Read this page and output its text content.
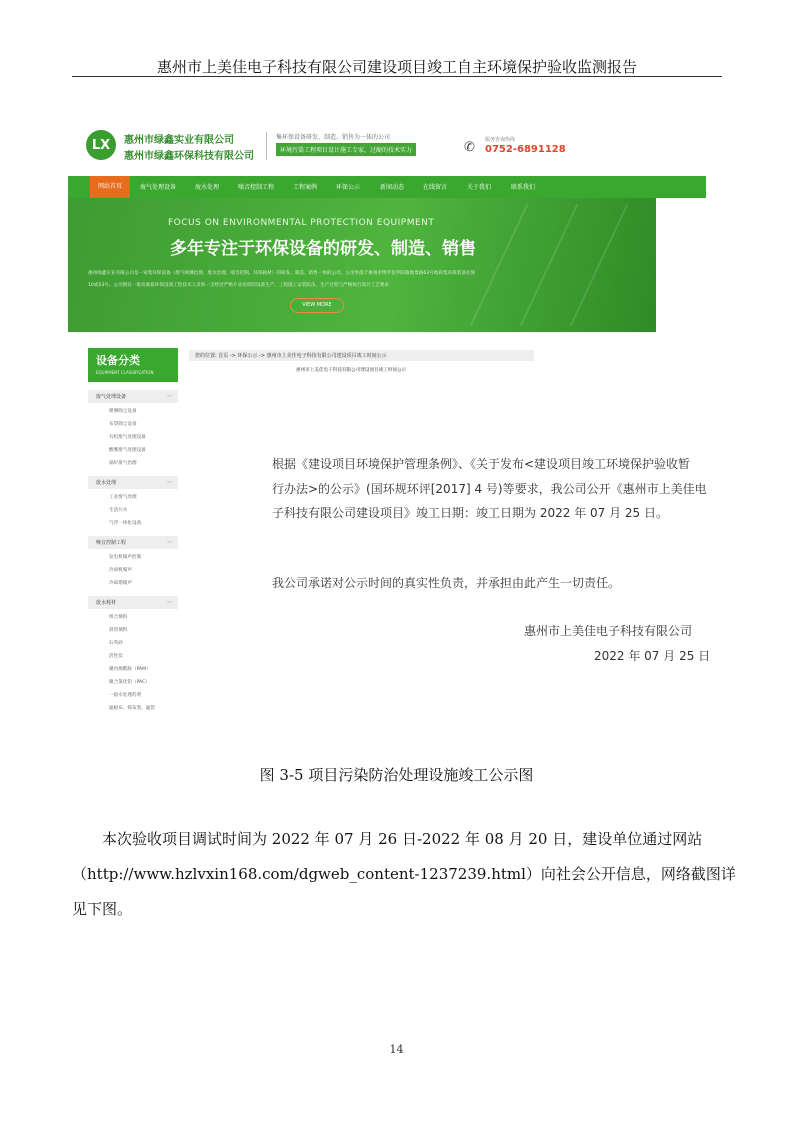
惠州市上美佳电子科技有限公司建设项目竣工自主环境保护验收监测报告
LX	惠州市绿鑫实业有限公司
惠州市绿鑫环保科技有限公司
集环保设备研发、制造、销售为一体的公司
环境污染工程项目设计施工专家，过硬的技术实力	✆ 服务咨询热线
0752-6891128
网站首页	废气处理设备	废水处理	噪音控制工程	工程案例	环保公示	新闻动态	在线留言	关于我们	联系我们
FOCUS ON ENVIRONMENTAL PROTECTION EQUIPMENT
多年专注于环保设备的研发、制造、销售
惠州绿鑫实业有限公司是一家集环保设备（废气喷淋治理、废水治理、噪音控制、环保耗材）的研发、制造、销售一体的公司。公司坐落于惠州市博罗县罗阳镇地景路63号地段集环保装备往领
10或53号。公司拥有一批高素质环保设备工程技术人员和一支经过严格专业培训的设备生产、工程施工安装队伍，生产过程与严格执行设计工艺要求
VIEW MORE
设备分类
EQUIPMENT CLASSIFICATION
废气处理设备	›››
喷淋除尘设备
布袋除尘设备
有机废气处理设备
酸雾废气处理设备
锅炉废气治理
废水处理	›››
工业废气处理
生活污水
气浮一体化设备
噪音控制工程	›››
发电机噪声控制
冷却机噪声
冷却塔噪声
废水耗材	›››
组合填料
斜管填料
石英砂
活性炭
聚丙烯酰胺（PAM）
聚合氯化铝（PAC）
一般水处理药剂
滤板布、筛布类、滤袋
您的位置: 首页 -> 环保公示 -> 惠州市上美佳电子科技有限公司建设项目竣工时间公示
惠州市上美佳电子科技有限公司建设项目竣工时间公示
根据《建设项目环境保护管理条例》、《关于发布<建设项目竣工环境保护验收暂
行办法>的公示》(国环规环评[2017] 4 号)等要求，我公司公开《惠州市上美佳电
子科技有限公司建设项目》竣工日期：竣工日期为 2022 年 07 月 25 日。
我公司承诺对公示时间的真实性负责，并承担由此产生一切责任。
惠州市上美佳电子科技有限公司
2022 年 07 月 25 日
图 3-5 项目污染防治处理设施竣工公示图
本次验收项目调试时间为 2022 年 07 月 26 日-2022 年 08 月 20 日，建设单位通过网站
（http://www.hzlvxin168.com/dgweb_content-1237239.html）向社会公开信息，网络截图详
见下图。
14
